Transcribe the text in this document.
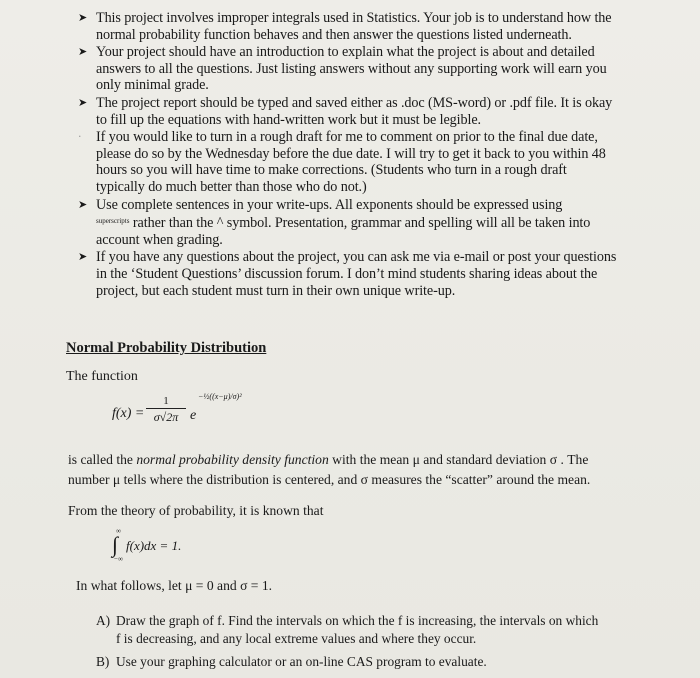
➤ This project involves improper integrals used in Statistics. Your job is to understand how the normal probability function behaves and then answer the questions listed underneath.
➤ Your project should have an introduction to explain what the project is about and detailed answers to all the questions. Just listing answers without any supporting work will earn you only minimal grade.
➤ The project report should be typed and saved either as .doc (MS-word) or .pdf file. It is okay to fill up the equations with hand-written work but it must be legible.
· If you would like to turn in a rough draft for me to comment on prior to the final due date, please do so by the Wednesday before the due date. I will try to get it back to you within 48 hours so you will have time to make corrections. (Students who turn in a rough draft typically do much better than those who do not.)
➤ Use complete sentences in your write-ups. All exponents should be expressed using
$^{superscripts}$ rather than the ^ symbol. Presentation, grammar and spelling will all be taken into account when grading.
➤ If you have any questions about the project, you can ask me via e-mail or post your questions in the ‘Student Questions’ discussion forum. I don’t mind students sharing ideas about the project, but each student must turn in their own unique write-up.
Normal Probability Distribution
The function
f(x) =
1
σ√2π e
−½((x−μ)/σ)²
is called the normal probability density function with the mean μ and standard deviation σ . The number μ tells where the distribution is centered, and σ measures the “scatter” around the mean.
From the theory of probability, it is known that
∫
∞
−∞
f(x)dx = 1.
In what follows, let μ = 0 and σ = 1.
A) Draw the graph of f. Find the intervals on which the f is increasing, the intervals on which f is decreasing, and any local extreme values and where they occur.
B) Use your graphing calculator or an on-line CAS program to evaluate.
